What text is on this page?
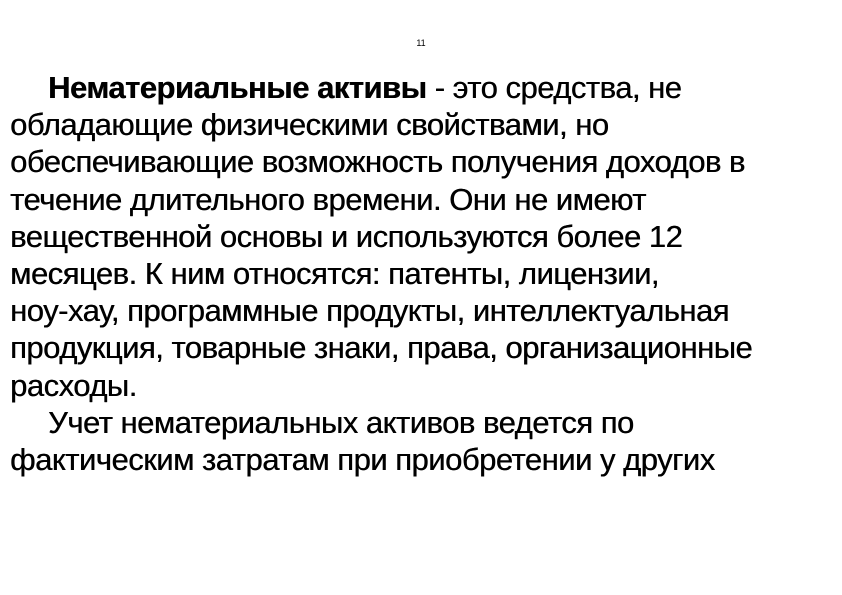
11
Нематериальные активы - это средства, не
обладающие физическими свойствами, но
обеспечивающие возможность получения доходов в
течение длительного времени. Они не имеют
вещественной основы и используются более 12
месяцев. К ним относятся: патенты, лицензии,
ноу-хау, программные продукты, интеллектуальная
продукция, товарные знаки, права, организационные
расходы.
Учет нематериальных активов ведется по
фактическим затратам при приобретении у других
